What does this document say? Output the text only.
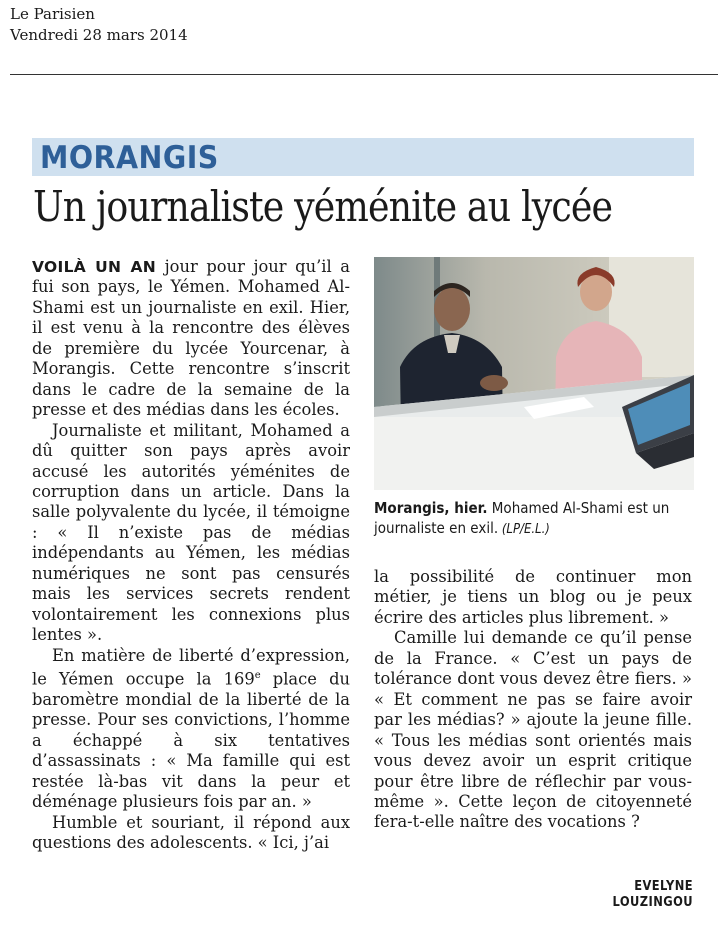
Le Parisien
Vendredi 28 mars 2014
MORANGIS
Un journaliste yéménite au lycée

VOILÀ UN AN jour pour jour qu’il a fui son pays, le Yémen. Mohamed Al-Shami est un journaliste en exil. Hier, il est venu à la rencontre des élèves de première du lycée Yourcenar, à Morangis. Cette rencontre s’inscrit dans le cadre de la semaine de la presse et des médias dans les écoles.

Journaliste et militant, Mohamed a dû quitter son pays après avoir accusé les autorités yéménites de corruption dans un article. Dans la salle polyvalente du lycée, il témoigne : « Il n’existe pas de médias indépendants au Yémen, les médias numériques ne sont pas censurés mais les services secrets rendent volontairement les connexions plus lentes ».

En matière de liberté d’expression, le Yémen occupe la 169e place du baromètre mondial de la liberté de la presse. Pour ses convictions, l’homme a échappé à six tentatives d’assassinats : « Ma famille qui est restée là-bas vit dans la peur et déménage plusieurs fois par an. »

Humble et souriant, il répond aux questions des adolescents. « Ici, j’ai

Morangis, hier. Mohamed Al-Shami est un journaliste en exil. (LP/E.L.)

la possibilité de continuer mon métier, je tiens un blog ou je peux écrire des articles plus librement. »

Camille lui demande ce qu’il pense de la France. « C’est un pays de tolérance dont vous devez être fiers. » « Et comment ne pas se faire avoir par les médias? » ajoute la jeune fille. « Tous les médias sont orientés mais vous devez avoir un esprit critique pour être libre de réflechir par vous-même ». Cette leçon de citoyenneté fera-t-elle naître des vocations ?

EVELYNE LOUZINGOU
